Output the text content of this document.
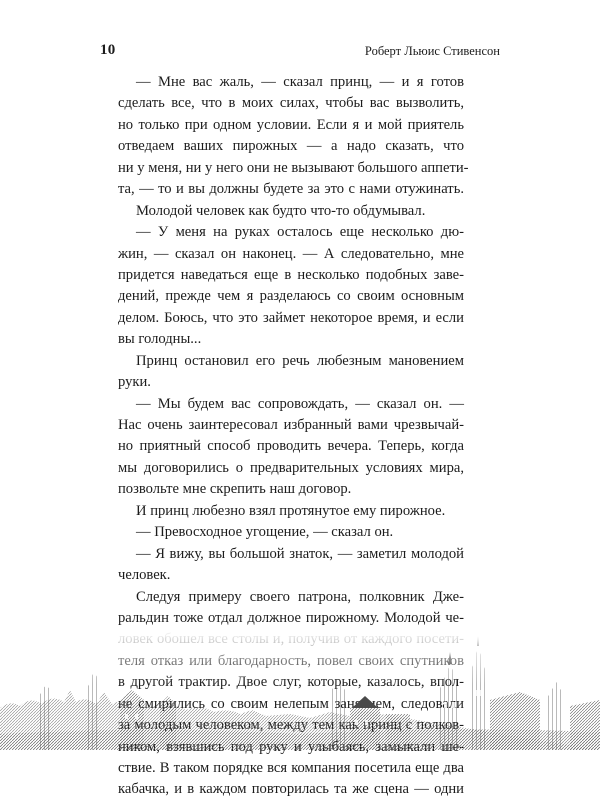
10	Роберт Льюис Стивенсон
— Мне вас жаль, — сказал принц, — и я готов
сделать все, что в моих силах, чтобы вас вызволить,
но только при одном условии. Если я и мой приятель
отведаем ваших пирожных — а надо сказать, что
ни у меня, ни у него они не вызывают большого аппети-
та, — то и вы должны будете за это с нами отужинать.
Молодой человек как будто что-то обдумывал.
— У меня на руках осталось еще несколько дю-
жин, — сказал он наконец. — А следовательно, мне
придется наведаться еще в несколько подобных заве-
дений, прежде чем я разделаюсь со своим основным
делом. Боюсь, что это займет некоторое время, и если
вы голодны...
Принц остановил его речь любезным мановением
руки.
— Мы будем вас сопровождать, — сказал он. —
Нас очень заинтересовал избранный вами чрезвычай-
но приятный способ проводить вечера. Теперь, когда
мы договорились о предварительных условиях мира,
позвольте мне скрепить наш договор.
И принц любезно взял протянутое ему пирожное.
— Превосходное угощение, — сказал он.
— Я вижу, вы большой знаток, — заметил молодой
человек.
Следуя примеру своего патрона, полковник Дже-
ральдин тоже отдал должное пирожному. Молодой че-
ствие. В таком порядке вся компания посетила еще два
кабачка, и в каждом повторилась та же сцена — одни
